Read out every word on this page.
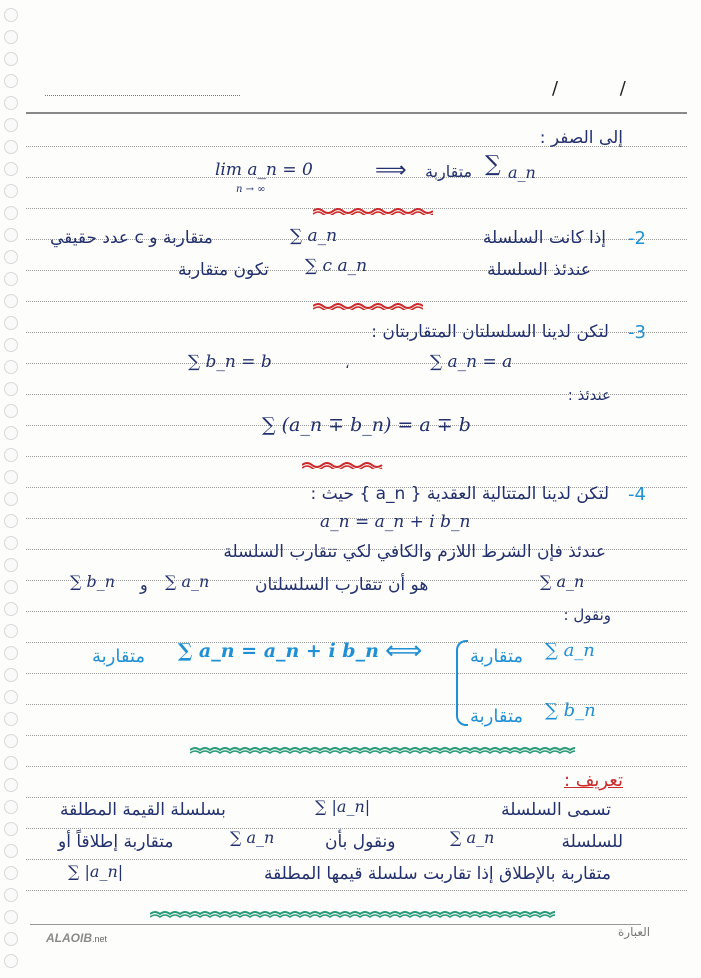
/ /
إلى الصفر :
lim a_n = 0
n → ∞
⟹ متقاربة ∑ a_n
2-
إذا كانت السلسلة
∑ a_n
متقاربة و c عدد حقيقي
عندئذ السلسلة
∑ c a_n
تكون متقاربة
3-
لتكن لدينا السلسلتان المتقاربتان :
∑ a_n = a
،
∑ b_n = b
عندئذ :
∑ (a_n ∓ b_n) = a ∓ b
4-
لتكن لدينا المتتالية العقدية { a_n } حيث :
a_n = a_n + i b_n
عندئذ فإن الشرط اللازم والكافي لكي تتقارب السلسلة
∑ a_n
هو أن تتقارب السلسلتان
∑ a_n
و
∑ b_n
ونقول :
متقاربة ∑ a_n = a_n + i b_n ⟺	متقاربة ∑ a_n
متقاربة ∑ b_n
تعريف :
تسمى السلسلة
∑ |a_n|
بسلسلة القيمة المطلقة
للسلسلة
∑ a_n
ونقول بأن
∑ a_n
متقاربة إطلاقاً أو
متقاربة بالإطلاق إذا تقاربت سلسلة قيمها المطلقة
∑ |a_n|
ALAOIB.net	العبارة
